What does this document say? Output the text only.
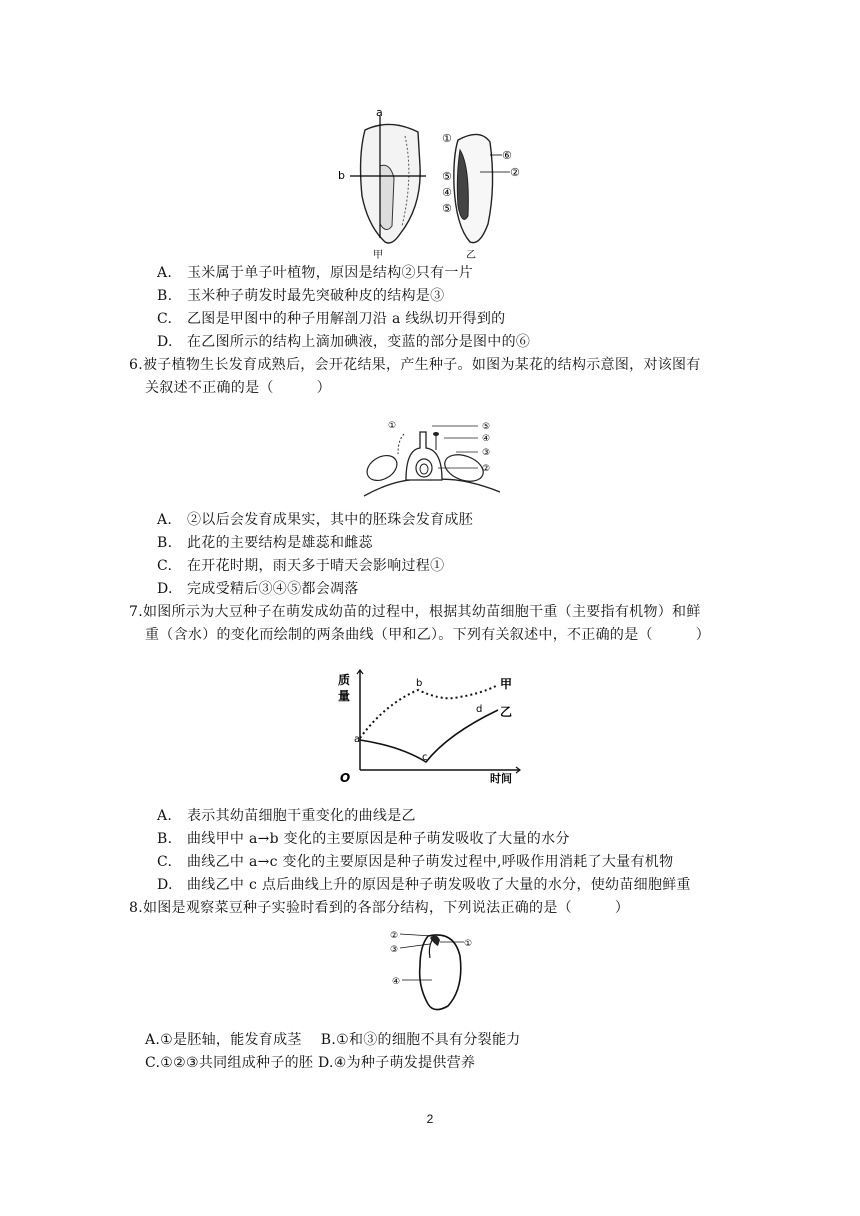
a
b
甲
①
⑤
④
⑤
⑥
②
乙
A. 玉米属于单子叶植物，原因是结构②只有一片
B. 玉米种子萌发时最先突破种皮的结构是③
C. 乙图是甲图中的种子用解剖刀沿 a 线纵切开得到的
D. 在乙图所示的结构上滴加碘液，变蓝的部分是图中的⑥
6.被子植物生长发育成熟后，会开花结果，产生种子。如图为某花的结构示意图，对该图有
关叙述不正确的是（　　　）
①	⑤
④
③
②
A. ②以后会发育成果实，其中的胚珠会发育成胚
B. 此花的主要结构是雄蕊和雌蕊
C. 在开花时期，雨天多于晴天会影响过程①
D. 完成受精后③④⑤都会凋落
7.如图所示为大豆种子在萌发成幼苗的过程中，根据其幼苗细胞干重（主要指有机物）和鲜
重（含水）的变化而绘制的两条曲线（甲和乙）。下列有关叙述中，不正确的是（　　　）
质
量
O	时间
a
b
c
d
甲
乙
A. 表示其幼苗细胞干重变化的曲线是乙
B. 曲线甲中 a→b 变化的主要原因是种子萌发吸收了大量的水分
C. 曲线乙中 a→c 变化的主要原因是种子萌发过程中,呼吸作用消耗了大量有机物
D. 曲线乙中 c 点后曲线上升的原因是种子萌发吸收了大量的水分，使幼苗细胞鲜重
8.如图是观察菜豆种子实验时看到的各部分结构，下列说法正确的是（　　　）
②
③
①
④
A.①是胚轴，能发育成茎　 B.①和③的细胞不具有分裂能力
C.①②③共同组成种子的胚 D.④为种子萌发提供营养
2
